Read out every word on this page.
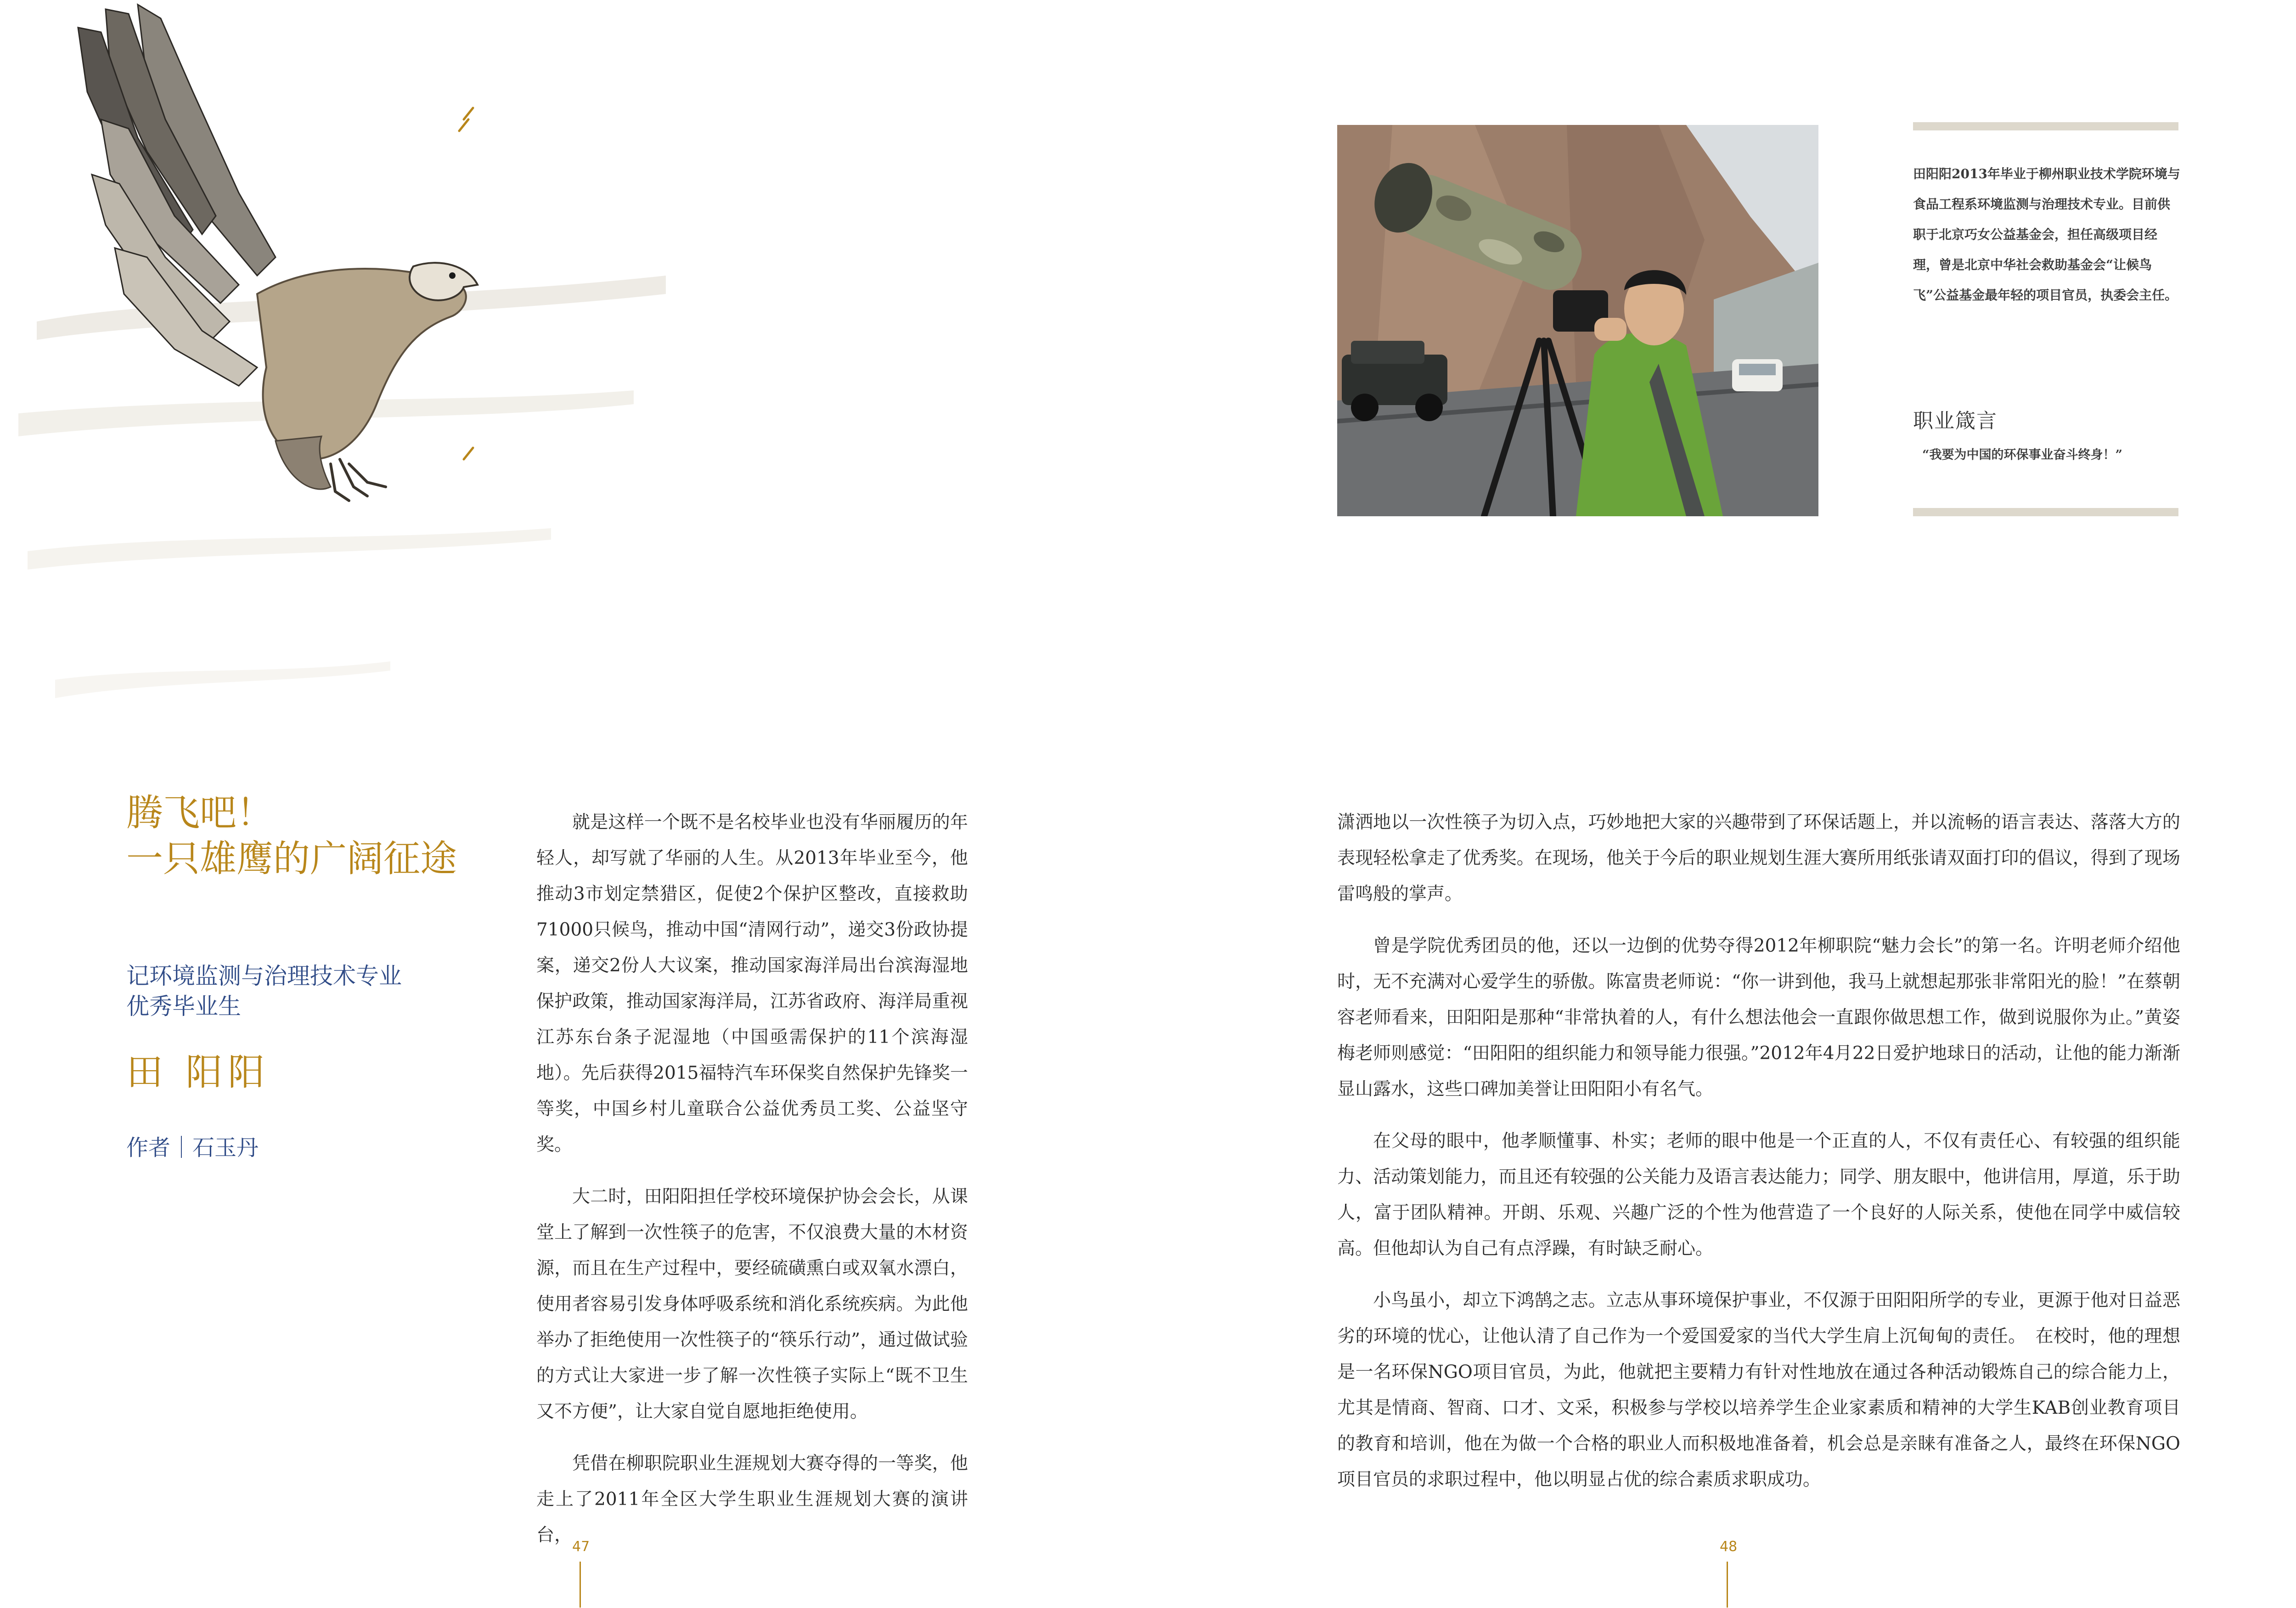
腾飞吧！
一只雄鹰的广阔征途
记环境监测与治理技术专业
优秀毕业生
田 阳阳
作者｜石玉丹

就是这样一个既不是名校毕业也没有华丽履历的年轻人，却写就了华丽的人生。从2013年毕业至今，他推动3市划定禁猎区，促使2个保护区整改，直接救助71000只候鸟，推动中国“清网行动”，递交3份政协提案，递交2份人大议案，推动国家海洋局出台滨海湿地保护政策，推动国家海洋局，江苏省政府、海洋局重视江苏东台条子泥湿地（中国亟需保护的11个滨海湿地）。先后获得2015福特汽车环保奖自然保护先锋奖一等奖，中国乡村儿童联合公益优秀员工奖、公益坚守奖。

大二时，田阳阳担任学校环境保护协会会长，从课堂上了解到一次性筷子的危害，不仅浪费大量的木材资源，而且在生产过程中，要经硫磺熏白或双氧水漂白，使用者容易引发身体呼吸系统和消化系统疾病。为此他举办了拒绝使用一次性筷子的“筷乐行动”，通过做试验的方式让大家进一步了解一次性筷子实际上“既不卫生又不方便”，让大家自觉自愿地拒绝使用。

凭借在柳职院职业生涯规划大赛夺得的一等奖，他走上了2011年全区大学生职业生涯规划大赛的演讲台，

47
田阳阳2013年毕业于柳州职业技术学院环境与食品工程系环境监测与治理技术专业。目前供职于北京巧女公益基金会，担任高级项目经理，曾是北京中华社会救助基金会“让候鸟飞”公益基金最年轻的项目官员，执委会主任。
职业箴言
“我要为中国的环保事业奋斗终身！”

潇洒地以一次性筷子为切入点，巧妙地把大家的兴趣带到了环保话题上，并以流畅的语言表达、落落大方的表现轻松拿走了优秀奖。在现场，他关于今后的职业规划生涯大赛所用纸张请双面打印的倡议，得到了现场雷鸣般的掌声。

曾是学院优秀团员的他，还以一边倒的优势夺得2012年柳职院“魅力会长”的第一名。许明老师介绍他时，无不充满对心爱学生的骄傲。陈富贵老师说：“你一讲到他，我马上就想起那张非常阳光的脸！”在蔡朝容老师看来，田阳阳是那种“非常执着的人，有什么想法他会一直跟你做思想工作，做到说服你为止。”黄姿梅老师则感觉：“田阳阳的组织能力和领导能力很强。”2012年4月22日爱护地球日的活动，让他的能力渐渐显山露水，这些口碑加美誉让田阳阳小有名气。

在父母的眼中，他孝顺懂事、朴实；老师的眼中他是一个正直的人，不仅有责任心、有较强的组织能力、活动策划能力，而且还有较强的公关能力及语言表达能力；同学、朋友眼中，他讲信用，厚道，乐于助人，富于团队精神。开朗、乐观、兴趣广泛的个性为他营造了一个良好的人际关系，使他在同学中威信较高。但他却认为自己有点浮躁，有时缺乏耐心。

小鸟虽小，却立下鸿鹄之志。立志从事环境保护事业，不仅源于田阳阳所学的专业，更源于他对日益恶劣的环境的忧心，让他认清了自己作为一个爱国爱家的当代大学生肩上沉甸甸的责任。　在校时，他的理想是一名环保NGO项目官员，为此，他就把主要精力有针对性地放在通过各种活动锻炼自己的综合能力上，尤其是情商、智商、口才、文采，积极参与学校以培养学生企业家素质和精神的大学生KAB创业教育项目的教育和培训，他在为做一个合格的职业人而积极地准备着，机会总是亲睐有准备之人，最终在环保NGO项目官员的求职过程中，他以明显占优的综合素质求职成功。

48
